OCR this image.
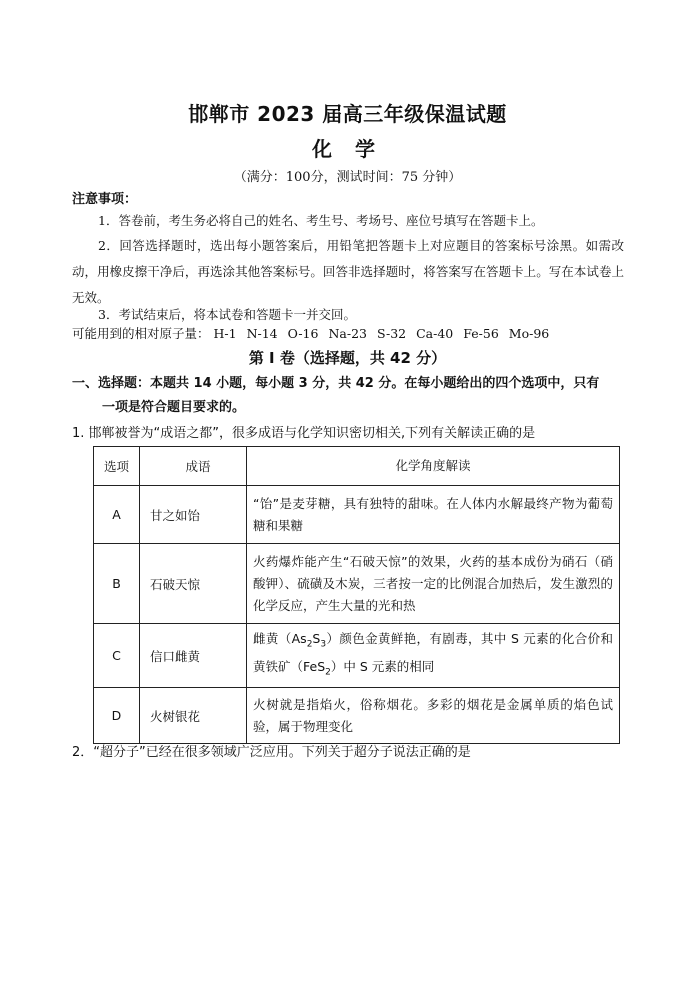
邯郸市 2023 届高三年级保温试题
化 学
（满分：100分，测试时间：75 分钟）
注意事项：
1．答卷前，考生务必将自己的姓名、考生号、考场号、座位号填写在答题卡上。
2．回答选择题时，选出每小题答案后，用铅笔把答题卡上对应题目的答案标号涂黑。如需改动，用橡皮擦干净后，再选涂其他答案标号。回答非选择题时，将答案写在答题卡上。写在本试卷上无效。
3．考试结束后，将本试卷和答题卡一并交回。
可能用到的相对原子量： H-1 N-14 O-16 Na-23 S-32 Ca-40 Fe-56 Mo-96
第 I 卷（选择题，共 42 分）
一、选择题：本题共 14 小题，每小题 3 分，共 42 分。在每小题给出的四个选项中，只有
一项是符合题目要求的。
1. 邯郸被誉为“成语之都”，很多成语与化学知识密切相关,下列有关解读正确的是
选项	成语	化学角度解读
A	甘之如饴	“饴”是麦芽糖，具有独特的甜味。在人体内水解最终产物为葡萄糖和果糖
B	石破天惊	火药爆炸能产生“石破天惊”的效果，火药的基本成份为硝石（硝酸钾）、硫磺及木炭，三者按一定的比例混合加热后，发生激烈的化学反应，产生大量的光和热
C	信口雌黄	雌黄$(As_2S_3)$颜色金黄鲜艳，有剧毒，其中 S 元素的化合价和黄铁矿（FeS$_2$）中 S 元素的相同
D	火树银花	火树就是指焰火，俗称烟花。多彩的烟花是金属单质的焰色试验，属于物理变化
2．“超分子”已经在很多领域广泛应用。下列关于超分子说法正确的是
